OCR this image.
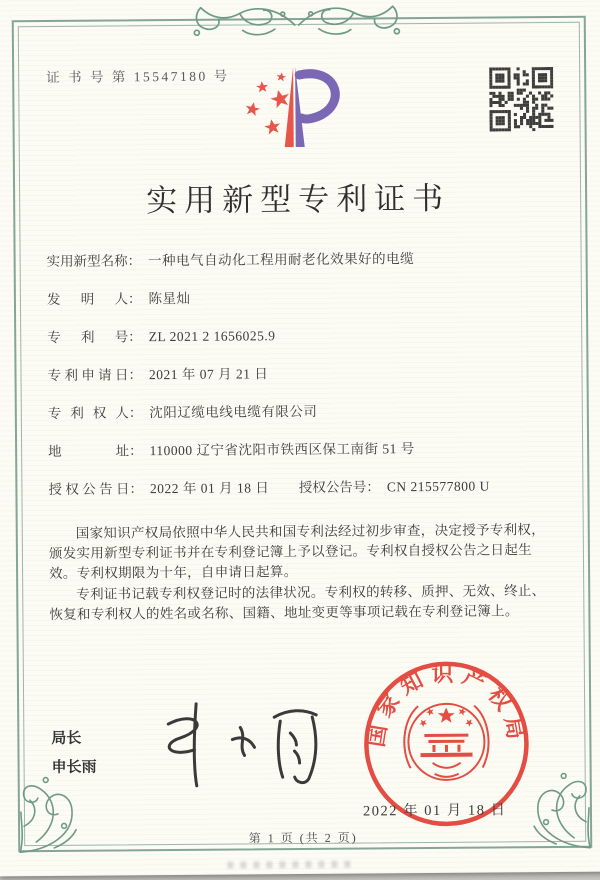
证 书 号 第 15547180 号
实用新型专利证书
实用新型名称： 一种电气自动化工程用耐老化效果好的电缆
发明人： 陈星灿
专利号： ZL 2021 2 1656025.9
专利申请日： 2021 年 07 月 21 日
专利权人： 沈阳辽缆电线电缆有限公司
地址： 110000 辽宁省沈阳市铁西区保工南街 51 号
授权公告日： 2022 年 01 月 18 日 授权公告号： CN 215577800 U

国家知识产权局依照中华人民共和国专利法经过初步审查，决定授予专利权，颁发实用新型专利证书并在专利登记簿上予以登记。专利权自授权公告之日起生效。专利权期限为十年，自申请日起算。

专利证书记载专利权登记时的法律状况。专利权的转移、质押、无效、终止、恢复和专利权人的姓名或名称、国籍、地址变更等事项记载在专利登记簿上。

局长
申长雨
国家知识产权局
2022 年 01 月 18 日
第 1 页 (共 2 页)
